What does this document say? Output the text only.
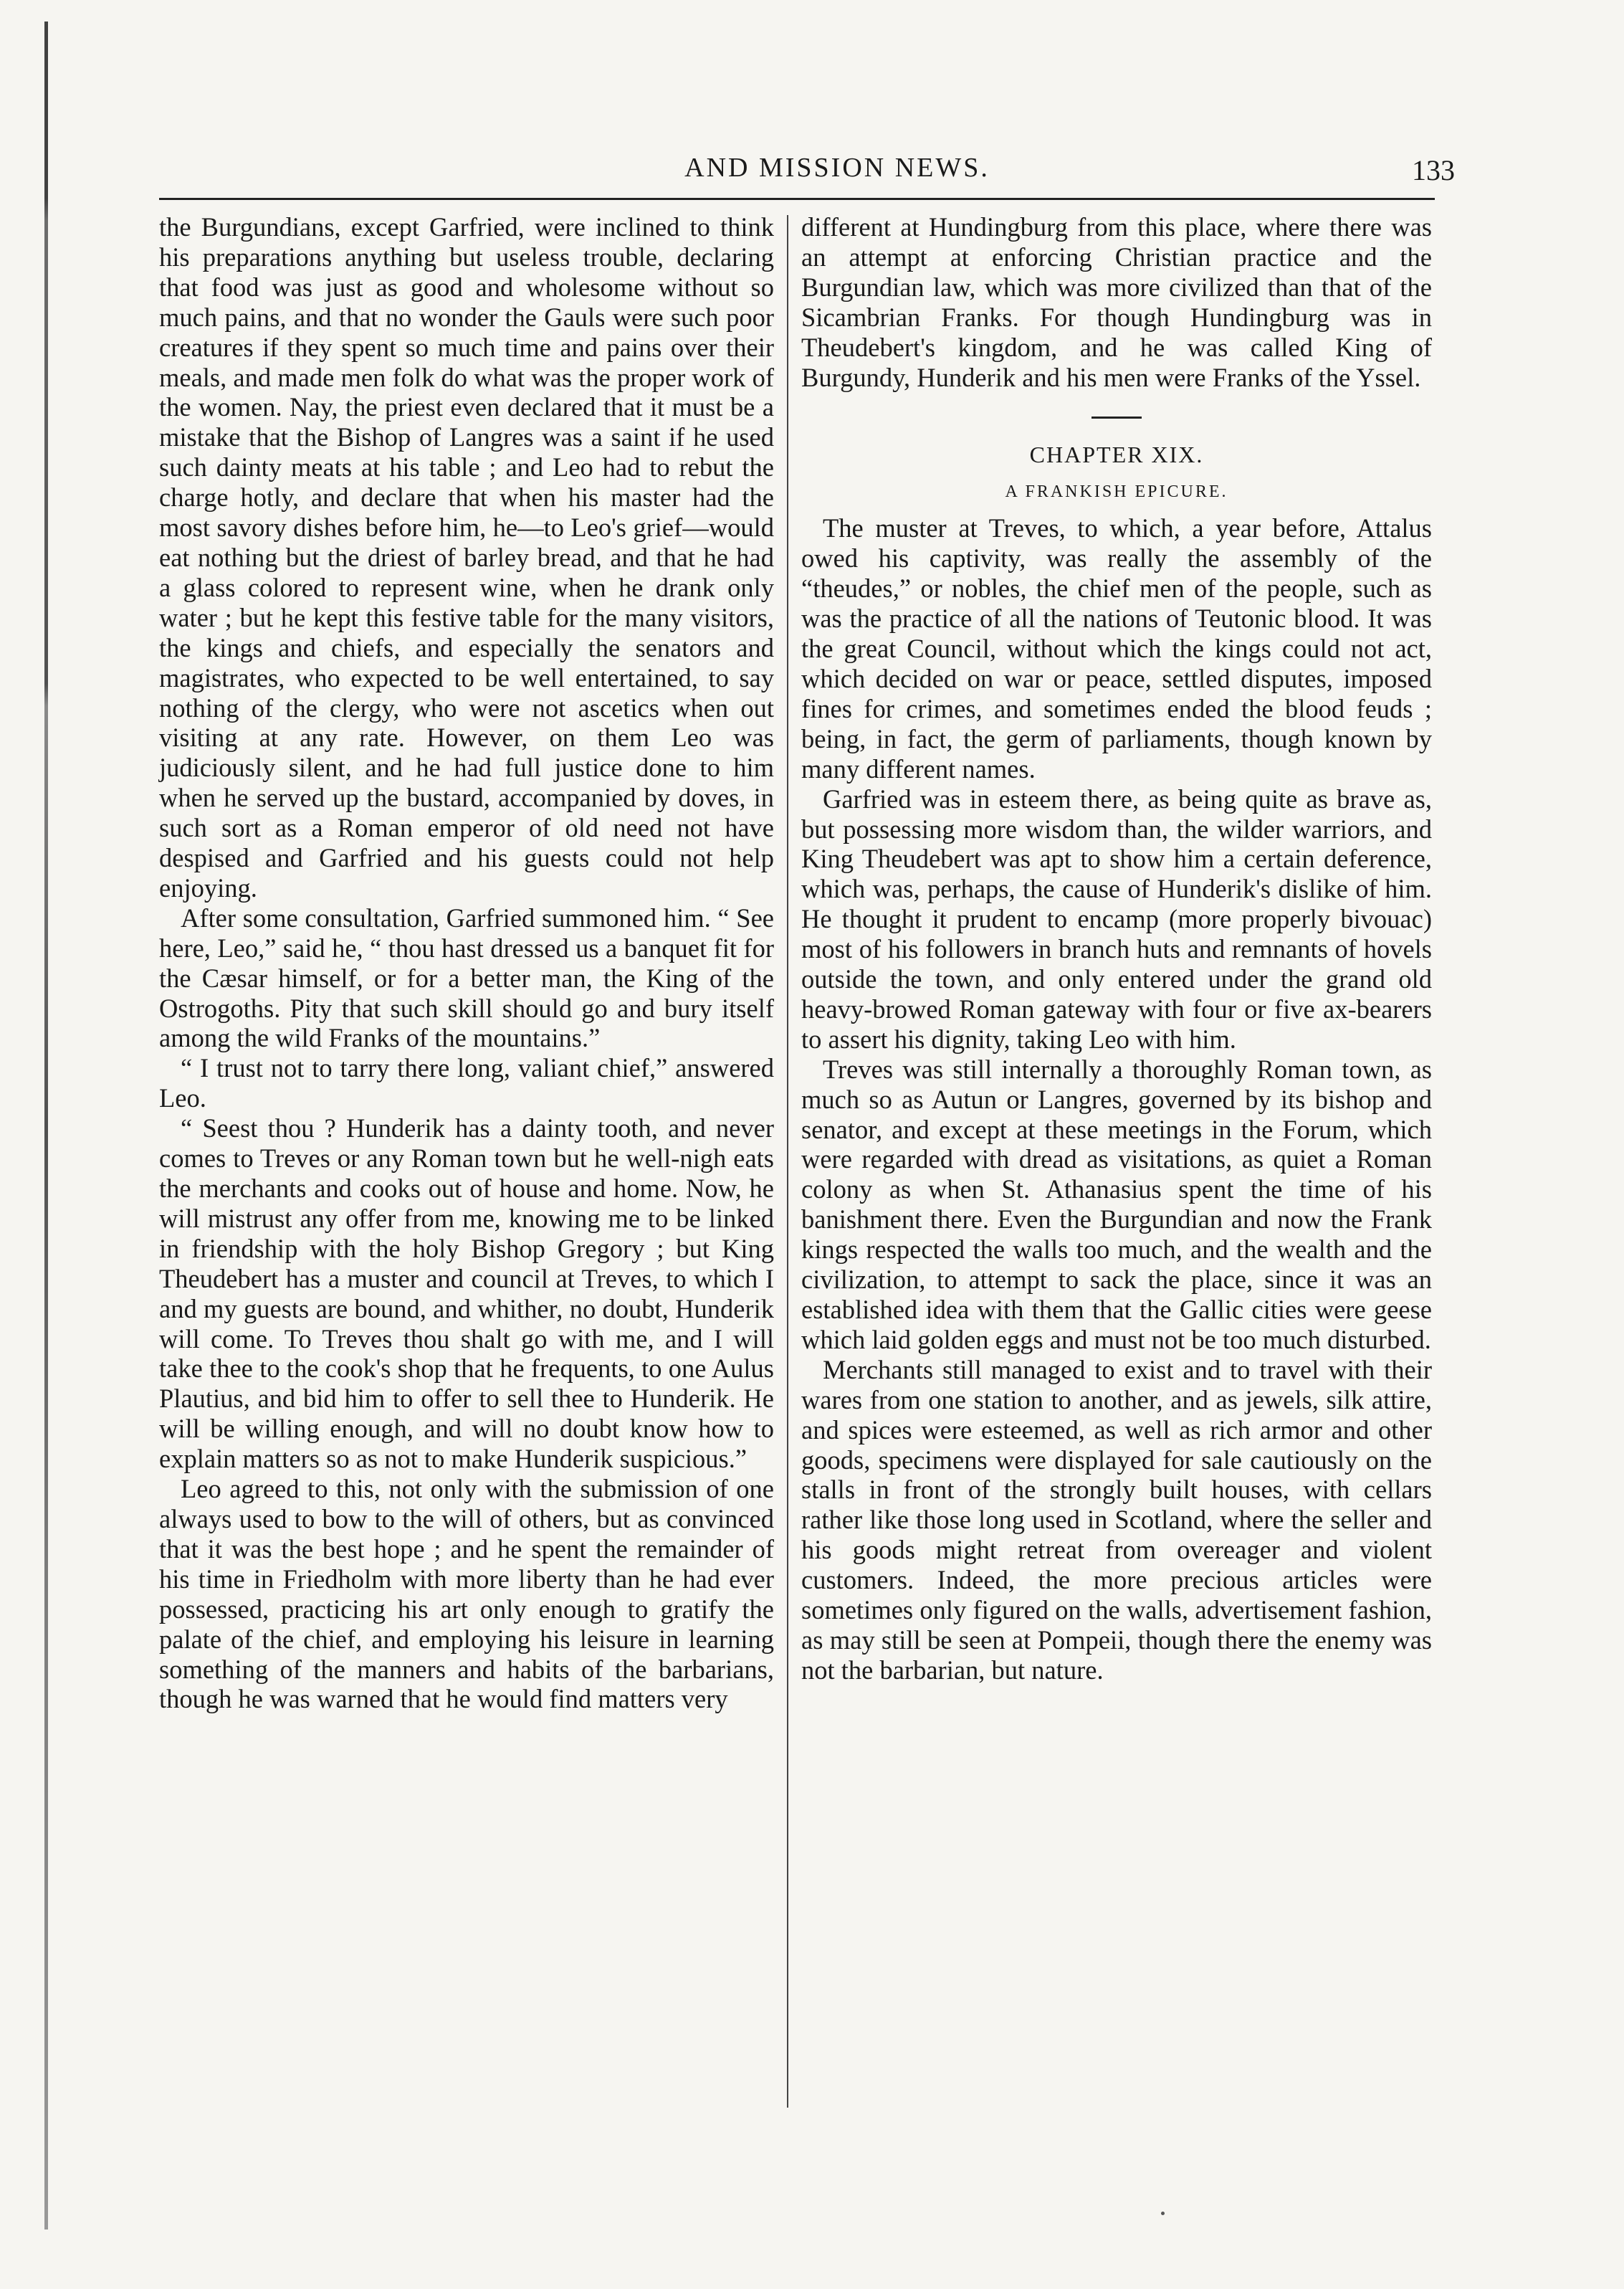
AND MISSION NEWS.	133

the Burgundians, except Garfried, were inclined to think his preparations anything but useless trouble, declaring that food was just as good and wholesome without so much pains, and that no wonder the Gauls were such poor creatures if they spent so much time and pains over their meals, and made men folk do what was the proper work of the women. Nay, the priest even declared that it must be a mistake that the Bishop of Langres was a saint if he used such dainty meats at his table ; and Leo had to rebut the charge hotly, and declare that when his master had the most savory dishes before him, he—to Leo's grief—would eat nothing but the driest of barley bread, and that he had a glass colored to represent wine, when he drank only water ; but he kept this festive table for the many visitors, the kings and chiefs, and especially the senators and magistrates, who expected to be well entertained, to say nothing of the clergy, who were not ascetics when out visiting at any rate. However, on them Leo was judiciously silent, and he had full justice done to him when he served up the bustard, accompanied by doves, in such sort as a Roman emperor of old need not have despised and Garfried and his guests could not help enjoying.

After some consultation, Garfried summoned him. “ See here, Leo,” said he, “ thou hast dressed us a banquet fit for the Cæsar himself, or for a better man, the King of the Ostrogoths. Pity that such skill should go and bury itself among the wild Franks of the mountains.”

“ I trust not to tarry there long, valiant chief,” answered Leo.

“ Seest thou ? Hunderik has a dainty tooth, and never comes to Treves or any Roman town but he well-nigh eats the merchants and cooks out of house and home. Now, he will mistrust any offer from me, knowing me to be linked in friendship with the holy Bishop Gregory ; but King Theudebert has a muster and council at Treves, to which I and my guests are bound, and whither, no doubt, Hunderik will come. To Treves thou shalt go with me, and I will take thee to the cook's shop that he frequents, to one Aulus Plautius, and bid him to offer to sell thee to Hunderik. He will be willing enough, and will no doubt know how to explain matters so as not to make Hunderik suspicious.”

Leo agreed to this, not only with the submission of one always used to bow to the will of others, but as convinced that it was the best hope ; and he spent the remainder of his time in Friedholm with more liberty than he had ever possessed, practicing his art only enough to gratify the palate of the chief, and employing his leisure in learning something of the manners and habits of the barbarians, though he was warned that he would find matters very

different at Hundingburg from this place, where there was an attempt at enforcing Christian practice and the Burgundian law, which was more civilized than that of the Sicambrian Franks. For though Hundingburg was in Theudebert's kingdom, and he was called King of Burgundy, Hunderik and his men were Franks of the Yssel.

CHAPTER XIX.
A FRANKISH EPICURE.

The muster at Treves, to which, a year before, Attalus owed his captivity, was really the assembly of the “theudes,” or nobles, the chief men of the people, such as was the practice of all the nations of Teutonic blood. It was the great Council, without which the kings could not act, which decided on war or peace, settled disputes, imposed fines for crimes, and sometimes ended the blood feuds ; being, in fact, the germ of parliaments, though known by many different names.

Garfried was in esteem there, as being quite as brave as, but possessing more wisdom than, the wilder warriors, and King Theudebert was apt to show him a certain deference, which was, perhaps, the cause of Hunderik's dislike of him. He thought it prudent to encamp (more properly bivouac) most of his followers in branch huts and remnants of hovels outside the town, and only entered under the grand old heavy-browed Roman gateway with four or five ax-bearers to assert his dignity, taking Leo with him.

Treves was still internally a thoroughly Roman town, as much so as Autun or Langres, governed by its bishop and senator, and except at these meetings in the Forum, which were regarded with dread as visitations, as quiet a Roman colony as when St. Athanasius spent the time of his banishment there. Even the Burgundian and now the Frank kings respected the walls too much, and the wealth and the civilization, to attempt to sack the place, since it was an established idea with them that the Gallic cities were geese which laid golden eggs and must not be too much disturbed.

Merchants still managed to exist and to travel with their wares from one station to another, and as jewels, silk attire, and spices were esteemed, as well as rich armor and other goods, specimens were displayed for sale cautiously on the stalls in front of the strongly built houses, with cellars rather like those long used in Scotland, where the seller and his goods might retreat from overeager and violent customers. Indeed, the more precious articles were sometimes only figured on the walls, advertisement fashion, as may still be seen at Pompeii, though there the enemy was not the barbarian, but nature.
